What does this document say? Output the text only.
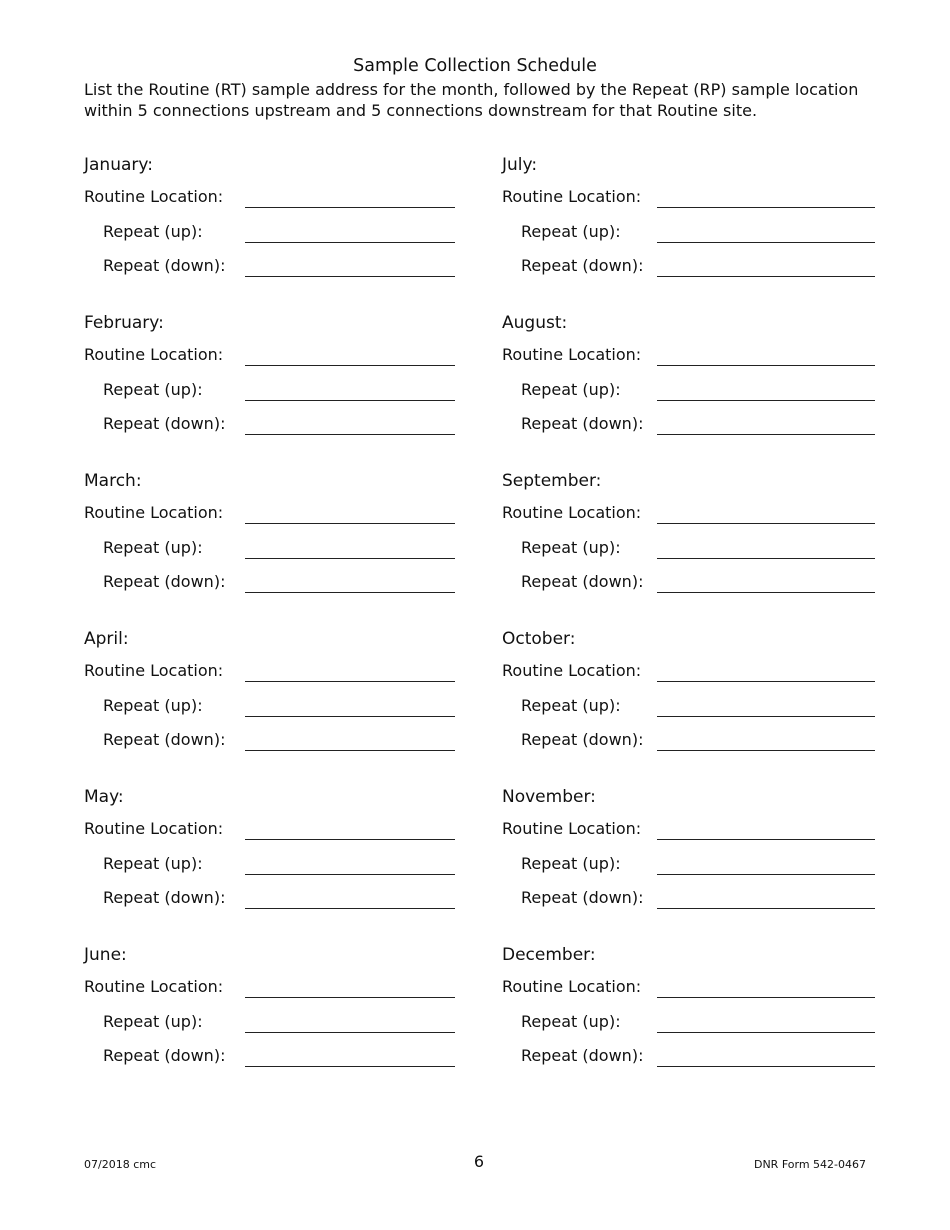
Sample Collection Schedule
List the Routine (RT) sample address for the month, followed by the Repeat (RP) sample location within 5 connections upstream and 5 connections downstream for that Routine site.
January:
Routine Location:
Repeat (up):
Repeat (down):
February:
Routine Location:
Repeat (up):
Repeat (down):
March:
Routine Location:
Repeat (up):
Repeat (down):
April:
Routine Location:
Repeat (up):
Repeat (down):
May:
Routine Location:
Repeat (up):
Repeat (down):
June:
Routine Location:
Repeat (up):
Repeat (down):
July:
Routine Location:
Repeat (up):
Repeat (down):
August:
Routine Location:
Repeat (up):
Repeat (down):
September:
Routine Location:
Repeat (up):
Repeat (down):
October:
Routine Location:
Repeat (up):
Repeat (down):
November:
Routine Location:
Repeat (up):
Repeat (down):
December:
Routine Location:
Repeat (up):
Repeat (down):
07/2018 cmc	6	DNR Form 542-0467
